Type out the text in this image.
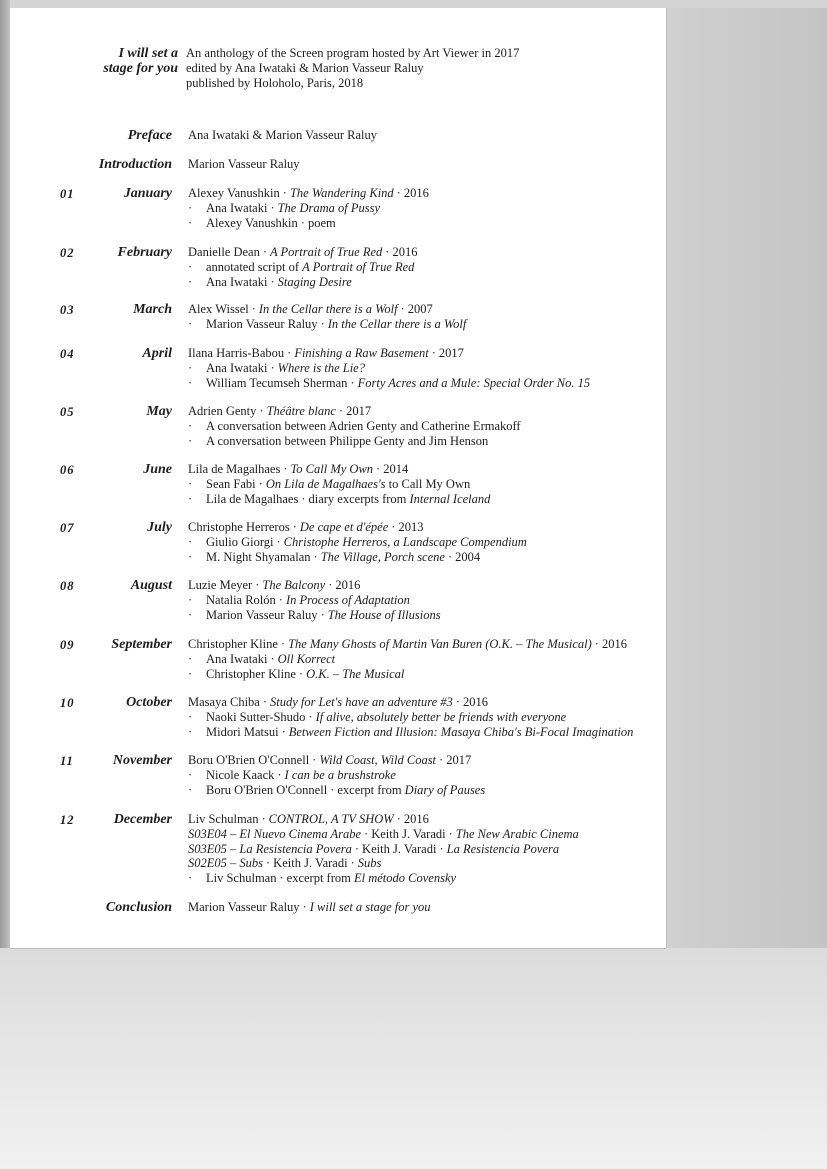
I will set a
stage for you
An anthology of the Screen program hosted by Art Viewer in 2017
edited by Ana Iwataki & Marion Vasseur Raluy
published by Holoholo, Paris, 2018
Preface Ana Iwataki & Marion Vasseur Raluy
Introduction Marion Vasseur Raluy
01	January Alexey Vanushkin · The Wandering Kind · 2016
· Ana Iwataki · The Drama of Pussy
· Alexey Vanushkin · poem
02	February Danielle Dean · A Portrait of True Red · 2016
· annotated script of A Portrait of True Red
· Ana Iwataki · Staging Desire
03	March Alex Wissel · In the Cellar there is a Wolf · 2007
· Marion Vasseur Raluy · In the Cellar there is a Wolf
04	April Ilana Harris-Babou · Finishing a Raw Basement · 2017
· Ana Iwataki · Where is the Lie?
· William Tecumseh Sherman · Forty Acres and a Mule: Special Order No. 15
05	May Adrien Genty · Théâtre blanc · 2017
· A conversation between Adrien Genty and Catherine Ermakoff
· A conversation between Philippe Genty and Jim Henson
06	June Lila de Magalhaes · To Call My Own · 2014
· Sean Fabi · On Lila de Magalhaes's to Call My Own
· Lila de Magalhaes · diary excerpts from Internal Iceland
07	July Christophe Herreros · De cape et d'épée · 2013
· Giulio Giorgi · Christophe Herreros, a Landscape Compendium
· M. Night Shyamalan · The Village, Porch scene · 2004
08	August Luzie Meyer · The Balcony · 2016
· Natalia Rolón · In Process of Adaptation
· Marion Vasseur Raluy · The House of Illusions
09	September Christopher Kline · The Many Ghosts of Martin Van Buren (O.K. – The Musical) · 2016
· Ana Iwataki · Oll Korrect
· Christopher Kline · O.K. – The Musical
10	October Masaya Chiba · Study for Let's have an adventure #3 · 2016
· Naoki Sutter-Shudo · If alive, absolutely better be friends with everyone
· Midori Matsui · Between Fiction and Illusion: Masaya Chiba's Bi-Focal Imagination
11	November Boru O'Brien O'Connell · Wild Coast, Wild Coast · 2017
· Nicole Kaack · I can be a brushstroke
· Boru O'Brien O'Connell · excerpt from Diary of Pauses
12	December Liv Schulman · CONTROL, A TV SHOW · 2016
S03E04 – El Nuevo Cinema Arabe · Keith J. Varadi · The New Arabic Cinema
S03E05 – La Resistencia Povera · Keith J. Varadi · La Resistencia Povera
S02E05 – Subs · Keith J. Varadi · Subs
· Liv Schulman · excerpt from El método Covensky
Conclusion Marion Vasseur Raluy · I will set a stage for you
